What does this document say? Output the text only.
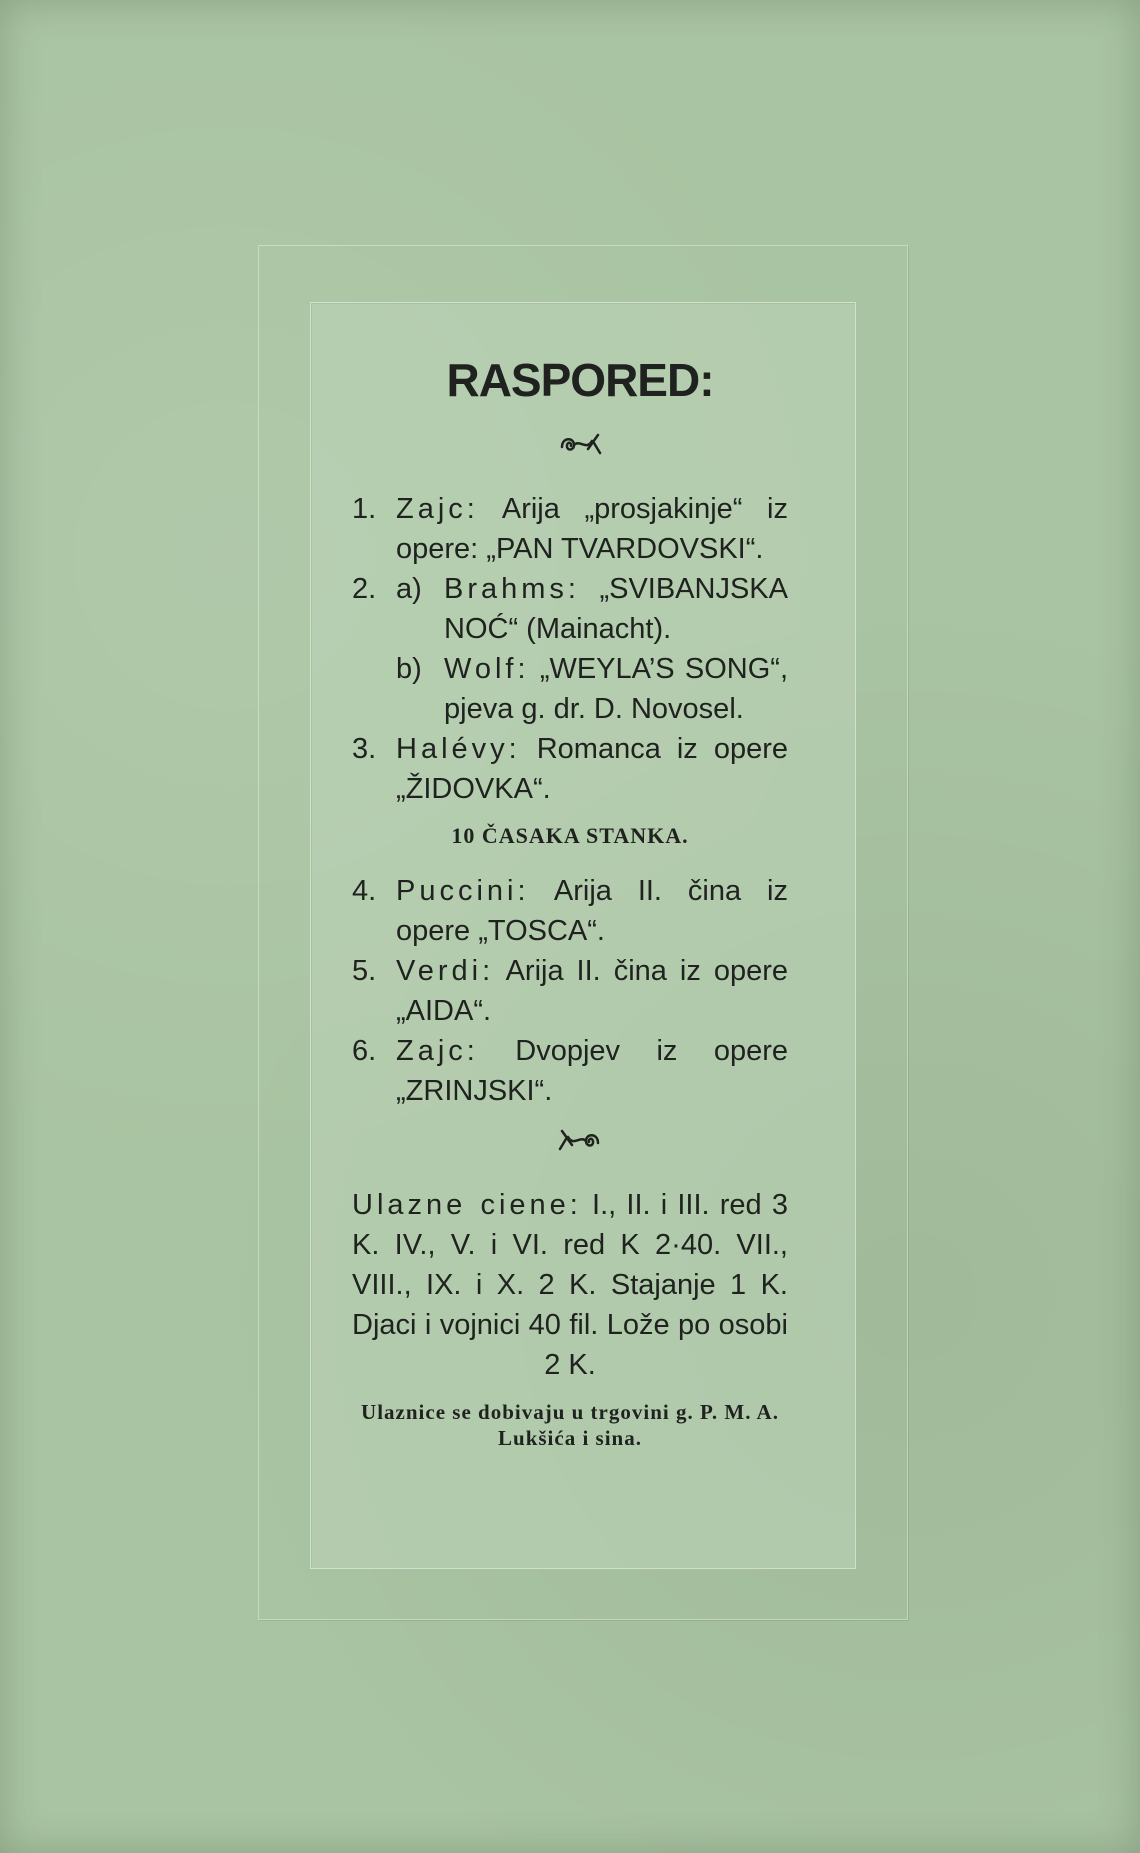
RASPORED:
1. Zajc: Arija „prosjakinje“ iz opere: „PAN TVARDOVSKI“.
2. a) Brahms: „SVIBANJSKA NOĆ“ (Mainacht).
b) Wolf: „WEYLA’S SONG“, pjeva g. dr. D. Novosel.
3. Halévy: Romanca iz opere „ŽIDOVKA“.
10 ČASAKA STANKA.
4. Puccini: Arija II. čina iz opere „TOSCA“.
5. Verdi: Arija II. čina iz opere „AIDA“.
6. Zajc: Dvopjev iz opere „ZRINJSKI“.
Ulazne ciene: I., II. i III. red 3 K. IV., V. i VI. red K 2·40. VII., VIII., IX. i X. 2 K. Stajanje 1 K. Djaci i vojnici 40 fil. Lože po osobi 2 K.
Ulaznice se dobivaju u trgovini g. P. M. A. Lukšića i sina.
